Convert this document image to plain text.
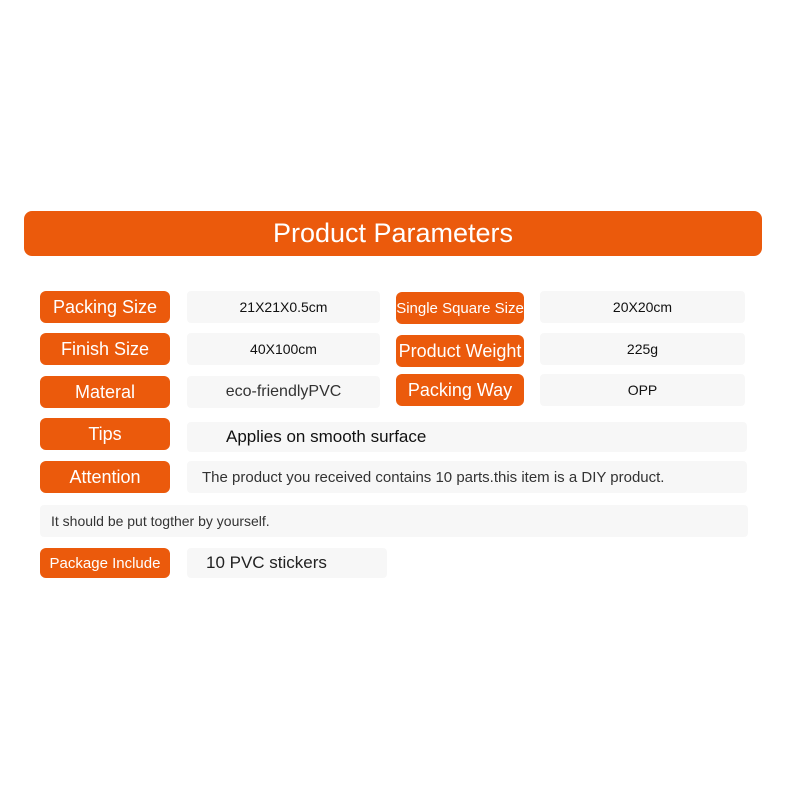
Product Parameters
Packing Size	21X21X0.5cm	Single Square Size	20X20cm
Finish Size	40X100cm	Product Weight	225g
Materal	eco-friendlyPVC	Packing Way	OPP
Tips	Applies on smooth surface
Attention	The product you received contains 10 parts.this item is a DIY product.
It should be put togther by yourself.
Package Include	10 PVC stickers
